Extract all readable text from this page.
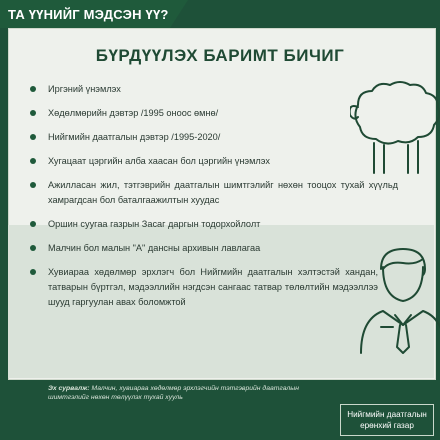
ТА ҮҮНИЙГ МЭДСЭН ҮҮ?
БҮРДҮҮЛЭХ БАРИМТ БИЧИГ
Иргэний үнэмлэх
Хөдөлмөрийн дэвтэр /1995 оноос өмнө/
Нийгмийн даатгалын дэвтэр /1995-2020/
Хугацаат цэргийн алба хаасан бол цэргийн үнэмлэх
Ажилласан жил, тэтгэврийн даатгалын шимтгэлийг нөхөн тооцох тухай хүүльд хамрагдсан бол баталгаажилтын хуудас
Оршин суугаа газрын Засаг даргын тодорхойлолт
Малчин бол малын "А" дансны архивын лавлагаа
Хувиараа хөдөлмөр эрхлэгч бол Нийгмийн даатгалын хэлтэстэй хандан, татварын бүртгэл, мэдээллийн нэгдсэн сангаас татвар төлөлтийн мэдээллээ шууд гаргуулан авах боломжтой
Эх сурвалж: Малчин, хувиараа хөдөлмөр эрхлэгчийн тэтгэврийн даатгалын шимтгэлийг нөхөн төлүүлэх тухай хууль
Нийгмийн даатгалын
ерөнхий газар
